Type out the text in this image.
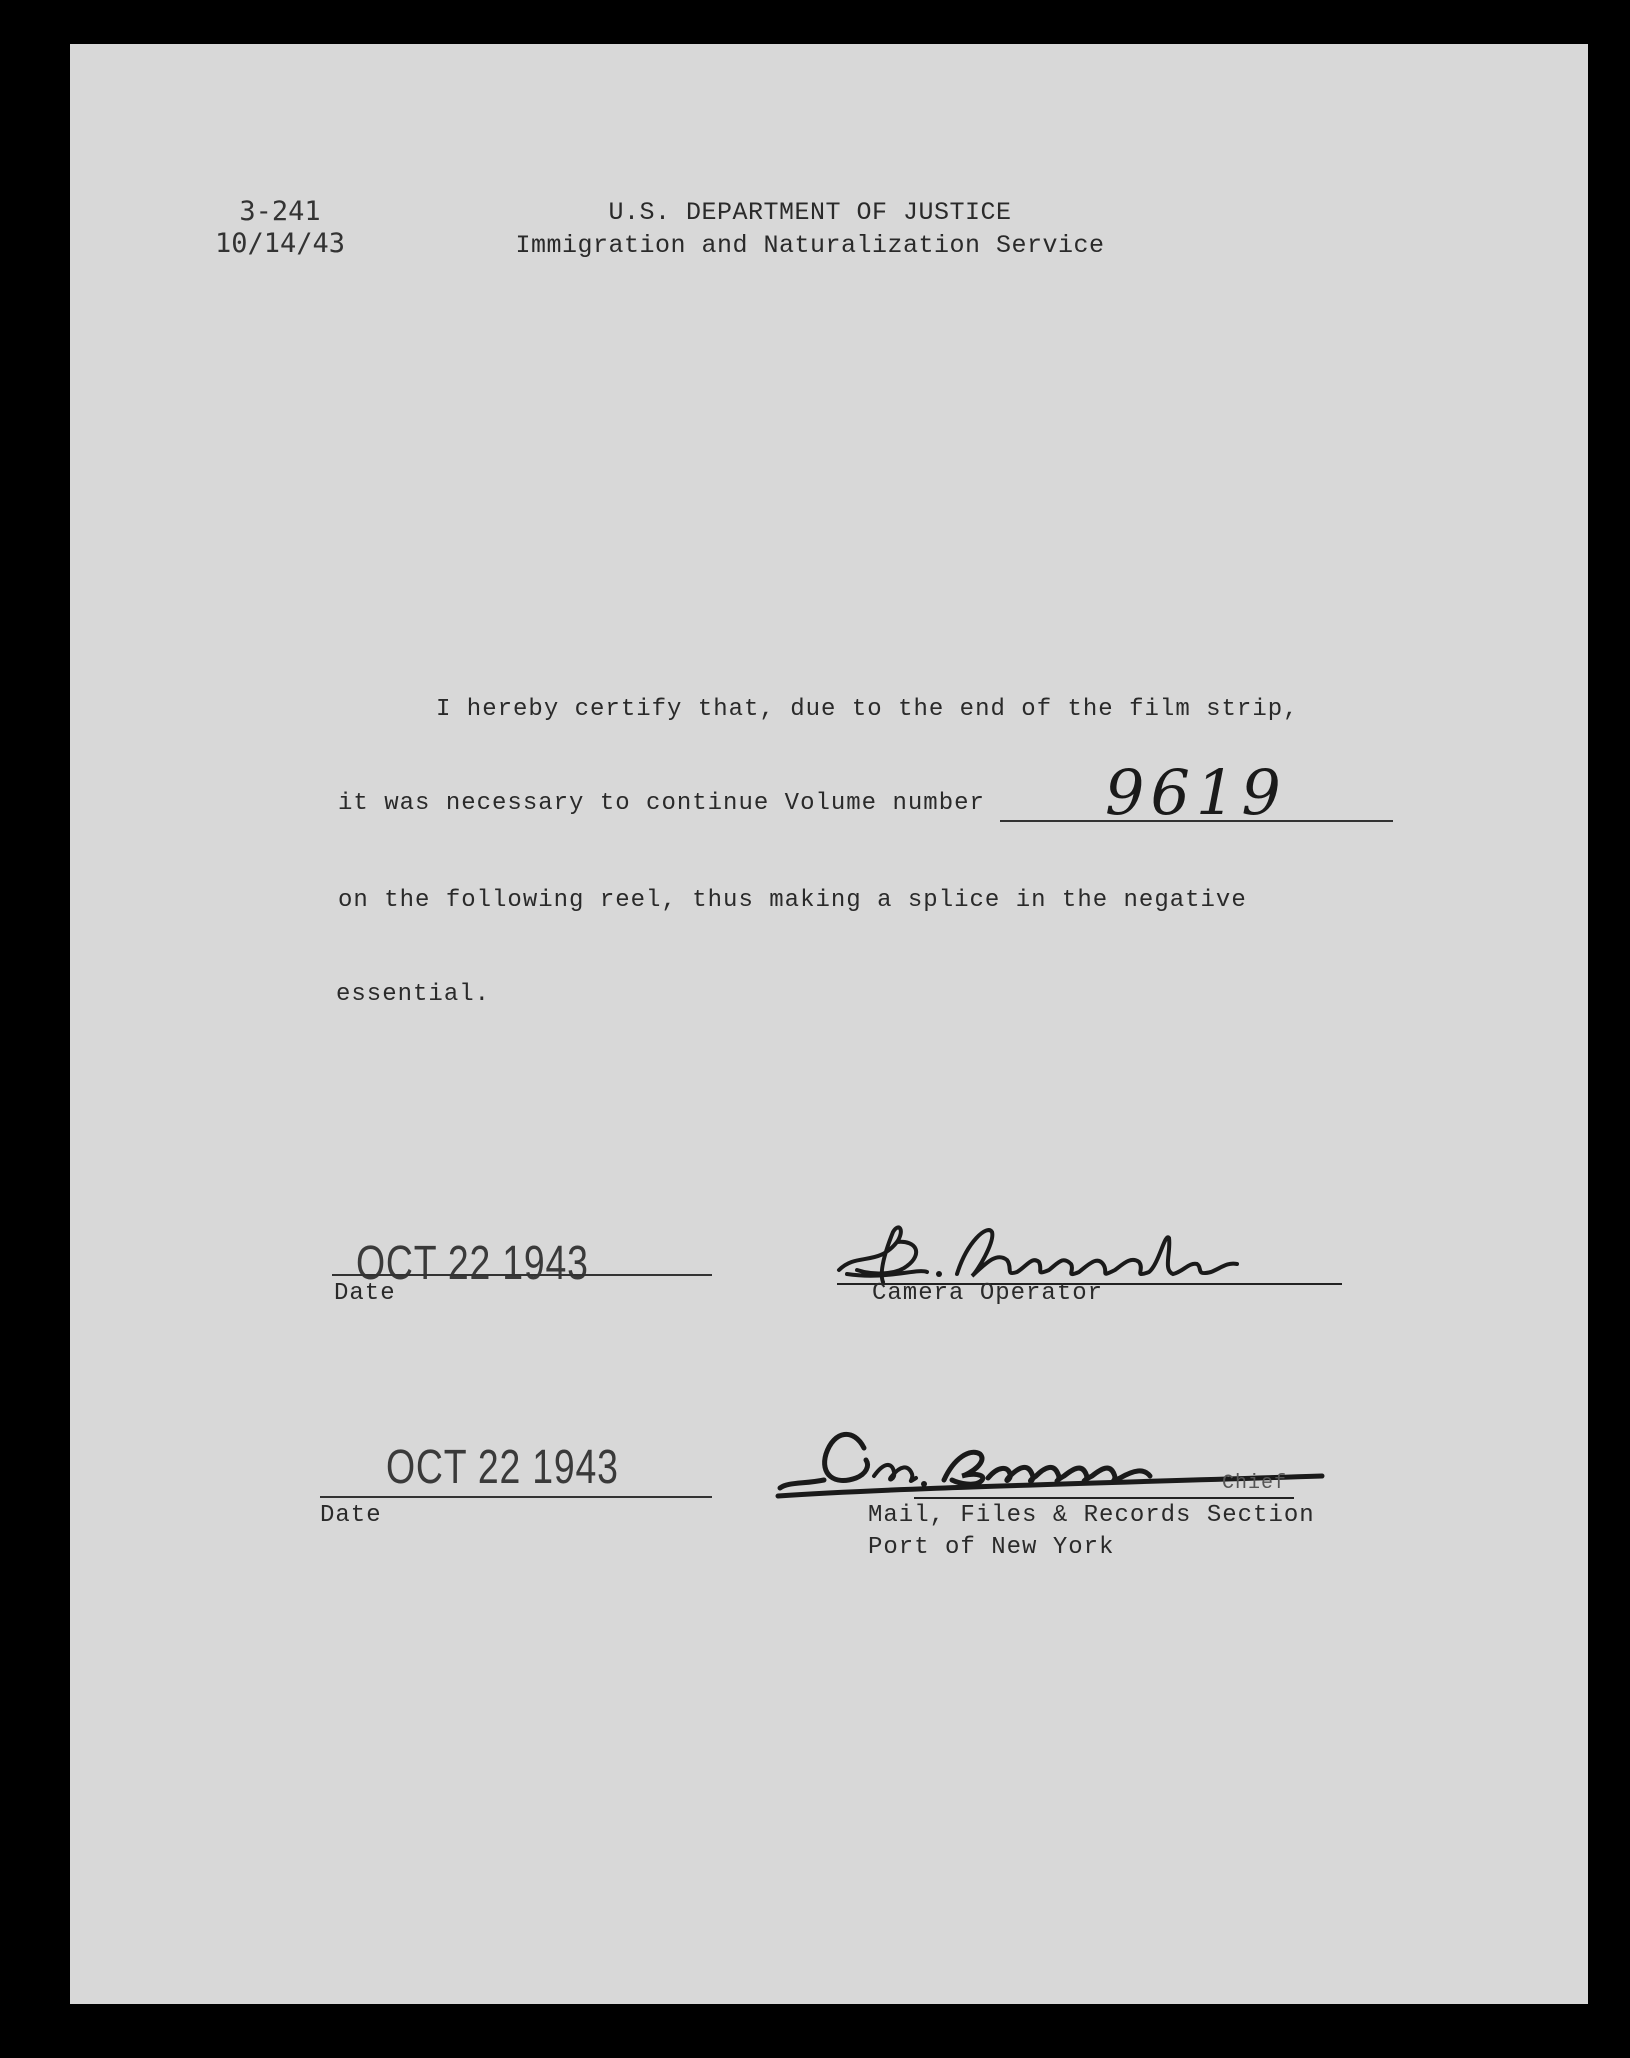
3-241
10/14/43
U.S. DEPARTMENT OF JUSTICE
Immigration and Naturalization Service
I hereby certify that, due to the end of the film strip,
it was necessary to continue Volume number 9619
on the following reel, thus making a splice in the negative
essential.
OCT 22 1943
Date	Camera Operator
OCT 22 1943
Date
Chief
Mail, Files & Records Section
Port of New York
